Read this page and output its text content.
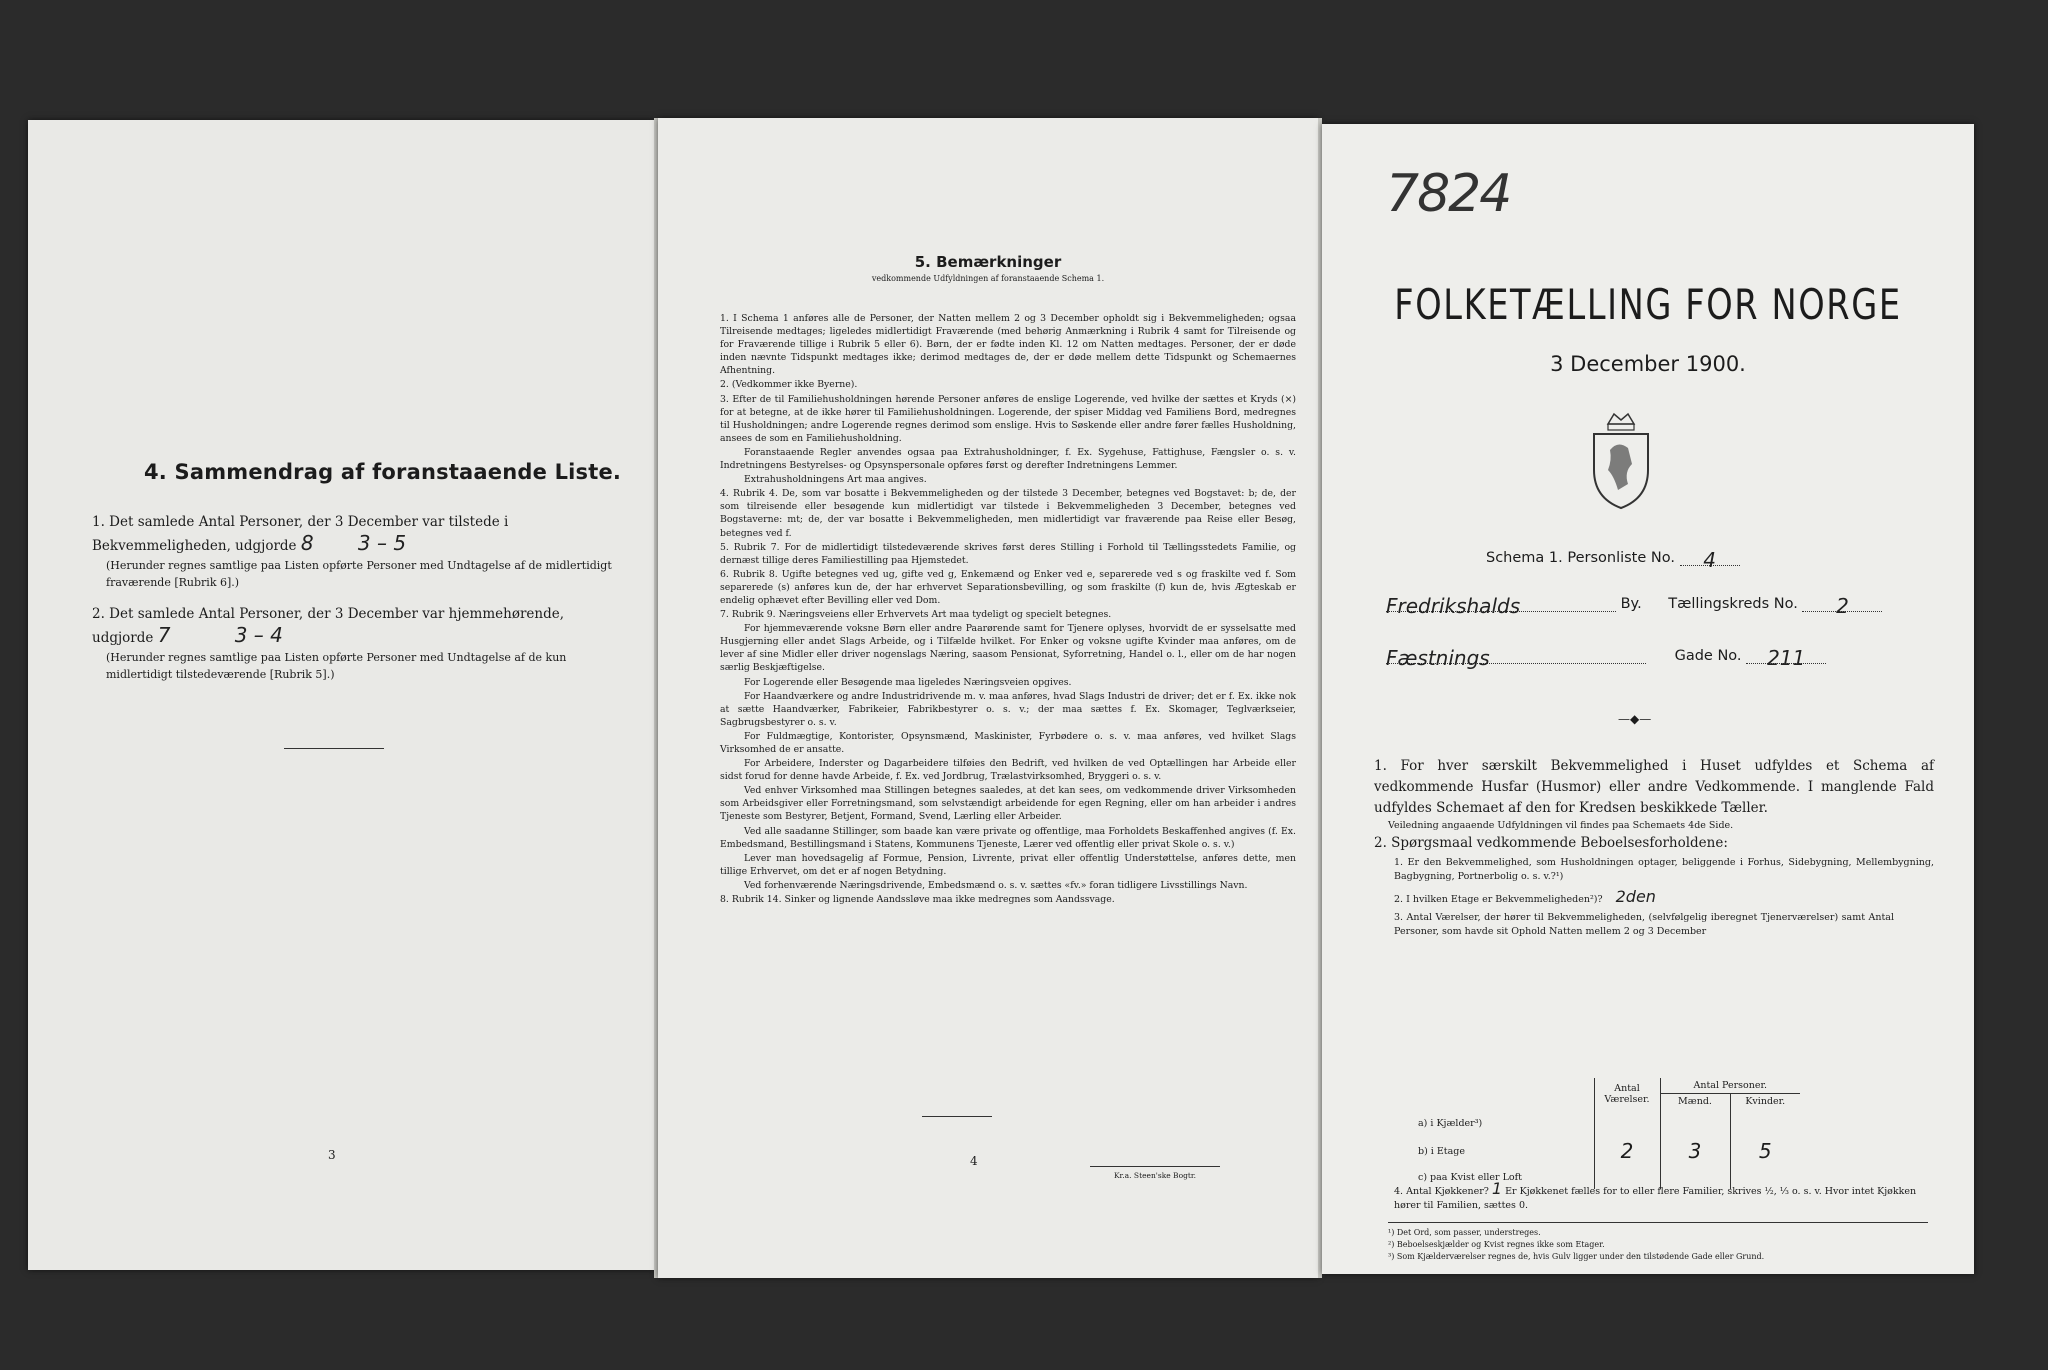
4. Sammendrag af foranstaaende Liste.
1. Det samlede Antal Personer, der 3 December var tilstede i Bekvemmeligheden, udgjorde 8 3 – 5
(Herunder regnes samtlige paa Listen opførte Personer med Undtagelse af de midlertidigt fraværende [Rubrik 6].)
2. Det samlede Antal Personer, der 3 December var hjemmehørende, udgjorde 7	3 – 4
(Herunder regnes samtlige paa Listen opførte Personer med Undtagelse af de kun midlertidigt tilstedeværende [Rubrik 5].)
3
5. Bemærkninger
vedkommende Udfyldningen af foranstaaende Schema 1.

1. I Schema 1 anføres alle de Personer, der Natten mellem 2 og 3 December opholdt sig i Bekvemmeligheden; ogsaa Tilreisende medtages; ligeledes midlertidigt Fraværende (med behørig Anmærkning i Rubrik 4 samt for Tilreisende og for Fraværende tillige i Rubrik 5 eller 6). Børn, der er fødte inden Kl. 12 om Natten medtages. Personer, der er døde inden nævnte Tidspunkt medtages ikke; derimod medtages de, der er døde mellem dette Tidspunkt og Schemaernes Afhentning.

2. (Vedkommer ikke Byerne).

3. Efter de til Familiehusholdningen hørende Personer anføres de enslige Logerende, ved hvilke der sættes et Kryds (×) for at betegne, at de ikke hører til Familiehusholdningen. Logerende, der spiser Middag ved Familiens Bord, medregnes til Husholdningen; andre Logerende regnes derimod som enslige. Hvis to Søskende eller andre fører fælles Husholdning, ansees de som en Familiehusholdning.

Foranstaaende Regler anvendes ogsaa paa Extrahusholdninger, f. Ex. Sygehuse, Fattighuse, Fængsler o. s. v. Indretningens Bestyrelses- og Opsynspersonale opføres først og derefter Indretningens Lemmer.

Extrahusholdningens Art maa angives.

4. Rubrik 4. De, som var bosatte i Bekvemmeligheden og der tilstede 3 December, betegnes ved Bogstavet: b; de, der som tilreisende eller besøgende kun midlertidigt var tilstede i Bekvemmeligheden 3 December, betegnes ved Bogstaverne: mt; de, der var bosatte i Bekvemmeligheden, men midlertidigt var fraværende paa Reise eller Besøg, betegnes ved f.

5. Rubrik 7. For de midlertidigt tilstedeværende skrives først deres Stilling i Forhold til Tællingsstedets Familie, og dernæst tillige deres Familiestilling paa Hjemstedet.

6. Rubrik 8. Ugifte betegnes ved ug, gifte ved g, Enkemænd og Enker ved e, separerede ved s og fraskilte ved f. Som separerede (s) anføres kun de, der har erhvervet Separationsbevilling, og som fraskilte (f) kun de, hvis Ægteskab er endelig ophævet efter Bevilling eller ved Dom.

7. Rubrik 9. Næringsveiens eller Erhvervets Art maa tydeligt og specielt betegnes.

For hjemmeværende voksne Børn eller andre Paarørende samt for Tjenere oplyses, hvorvidt de er sysselsatte med Husgjerning eller andet Slags Arbeide, og i Tilfælde hvilket. For Enker og voksne ugifte Kvinder maa anføres, om de lever af sine Midler eller driver nogenslags Næring, saasom Pensionat, Syforretning, Handel o. l., eller om de har nogen særlig Beskjæftigelse.

For Logerende eller Besøgende maa ligeledes Næringsveien opgives.

For Haandværkere og andre Industridrivende m. v. maa anføres, hvad Slags Industri de driver; det er f. Ex. ikke nok at sætte Haandværker, Fabrikeier, Fabrikbestyrer o. s. v.; der maa sættes f. Ex. Skomager, Teglværkseier, Sagbrugsbestyrer o. s. v.

For Fuldmægtige, Kontorister, Opsynsmænd, Maskinister, Fyrbødere o. s. v. maa anføres, ved hvilket Slags Virksomhed de er ansatte.

For Arbeidere, Inderster og Dagarbeidere tilføies den Bedrift, ved hvilken de ved Optællingen har Arbeide eller sidst forud for denne havde Arbeide, f. Ex. ved Jordbrug, Trælastvirksomhed, Bryggeri o. s. v.

Ved enhver Virksomhed maa Stillingen betegnes saaledes, at det kan sees, om vedkommende driver Virksomheden som Arbeidsgiver eller Forretningsmand, som selvstændigt arbeidende for egen Regning, eller om han arbeider i andres Tjeneste som Bestyrer, Betjent, Formand, Svend, Lærling eller Arbeider.

Ved alle saadanne Stillinger, som baade kan være private og offentlige, maa Forholdets Beskaffenhed angives (f. Ex. Embedsmand, Bestillingsmand i Statens, Kommunens Tjeneste, Lærer ved offentlig eller privat Skole o. s. v.)

Lever man hovedsagelig af Formue, Pension, Livrente, privat eller offentlig Understøttelse, anføres dette, men tillige Erhvervet, om det er af nogen Betydning.

Ved forhenværende Næringsdrivende, Embedsmænd o. s. v. sættes «fv.» foran tidligere Livsstillings Navn.

8. Rubrik 14. Sinker og lignende Aandssløve maa ikke medregnes som Aandssvage.

4
Kr.a. Steen'ske Bogtr.
7824
FOLKETÆLLING FOR NORGE
3 December 1900.
Schema 1. Personliste No. 4
Fredrikshalds	By. Tællingskreds No. 2
Fæstnings	Gade No. 211
—◆—
1. For hver særskilt Bekvemmelighed i Huset udfyldes et Schema af vedkommende Husfar (Husmor) eller andre Vedkommende. I manglende Fald udfyldes Schemaet af den for Kredsen beskikkede Tæller.
Veiledning angaaende Udfyldningen vil findes paa Schemaets 4de Side.
2. Spørgsmaal vedkommende Beboelsesforholdene:
1. Er den Bekvemmelighed, som Husholdningen optager, beliggende i Forhus, Sidebygning, Mellembygning, Bagbygning, Portnerbolig o. s. v.?¹)
2. I hvilken Etage er Bekvemmeligheden²)? 2den
3. Antal Værelser, der hører til Bekvemmeligheden, (selvfølgelig iberegnet Tjenerværelser) samt Antal Personer, som havde sit Ophold Natten mellem 2 og 3 December
	Antal Værelser.	Antal Personer.	
		Mænd.	Kvinder.
a) i Kjælder³)			
b) i Etage	2	3	5
c) paa Kvist eller Loft			
4. Antal Kjøkkener? 1 Er Kjøkkenet fælles for to eller flere Familier, skrives ½, ⅓ o. s. v. Hvor intet Kjøkken hører til Familien, sættes 0.
¹) Det Ord, som passer, understreges.
²) Beboelseskjælder og Kvist regnes ikke som Etager.
³) Som Kjælderværelser regnes de, hvis Gulv ligger under den tilstødende Gade eller Grund.
